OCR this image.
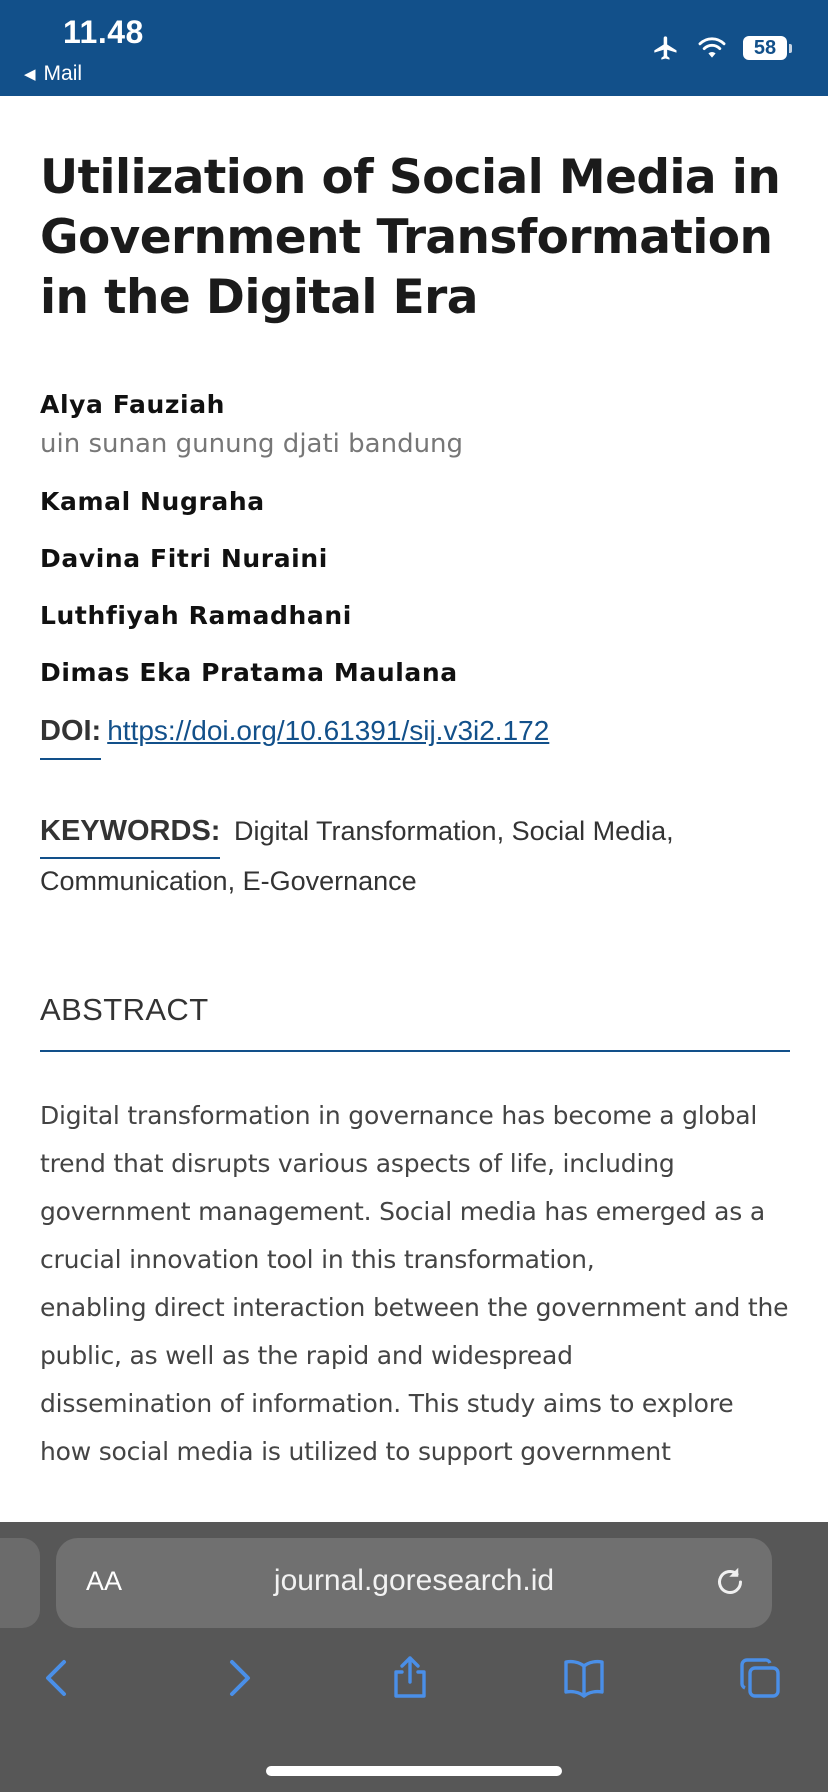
11.48
◀ Mail
58
Utilization of Social Media in Government Transformation in the Digital Era
Alya Fauziah
uin sunan gunung djati bandung
Kamal Nugraha
Davina Fitri Nuraini
Luthfiyah Ramadhani
Dimas Eka Pratama Maulana
DOI: https://doi.org/10.61391/sij.v3i2.172
KEYWORDS: Digital Transformation, Social Media, Communication, E-Governance
ABSTRACT

Digital transformation in governance has become a global trend that disrupts various aspects of life, including government management. Social media has emerged as a crucial innovation tool in this transformation,

enabling direct interaction between the government and the public, as well as the rapid and widespread

dissemination of information. This study aims to explore how social media is utilized to support government

AA	journal.goresearch.id
